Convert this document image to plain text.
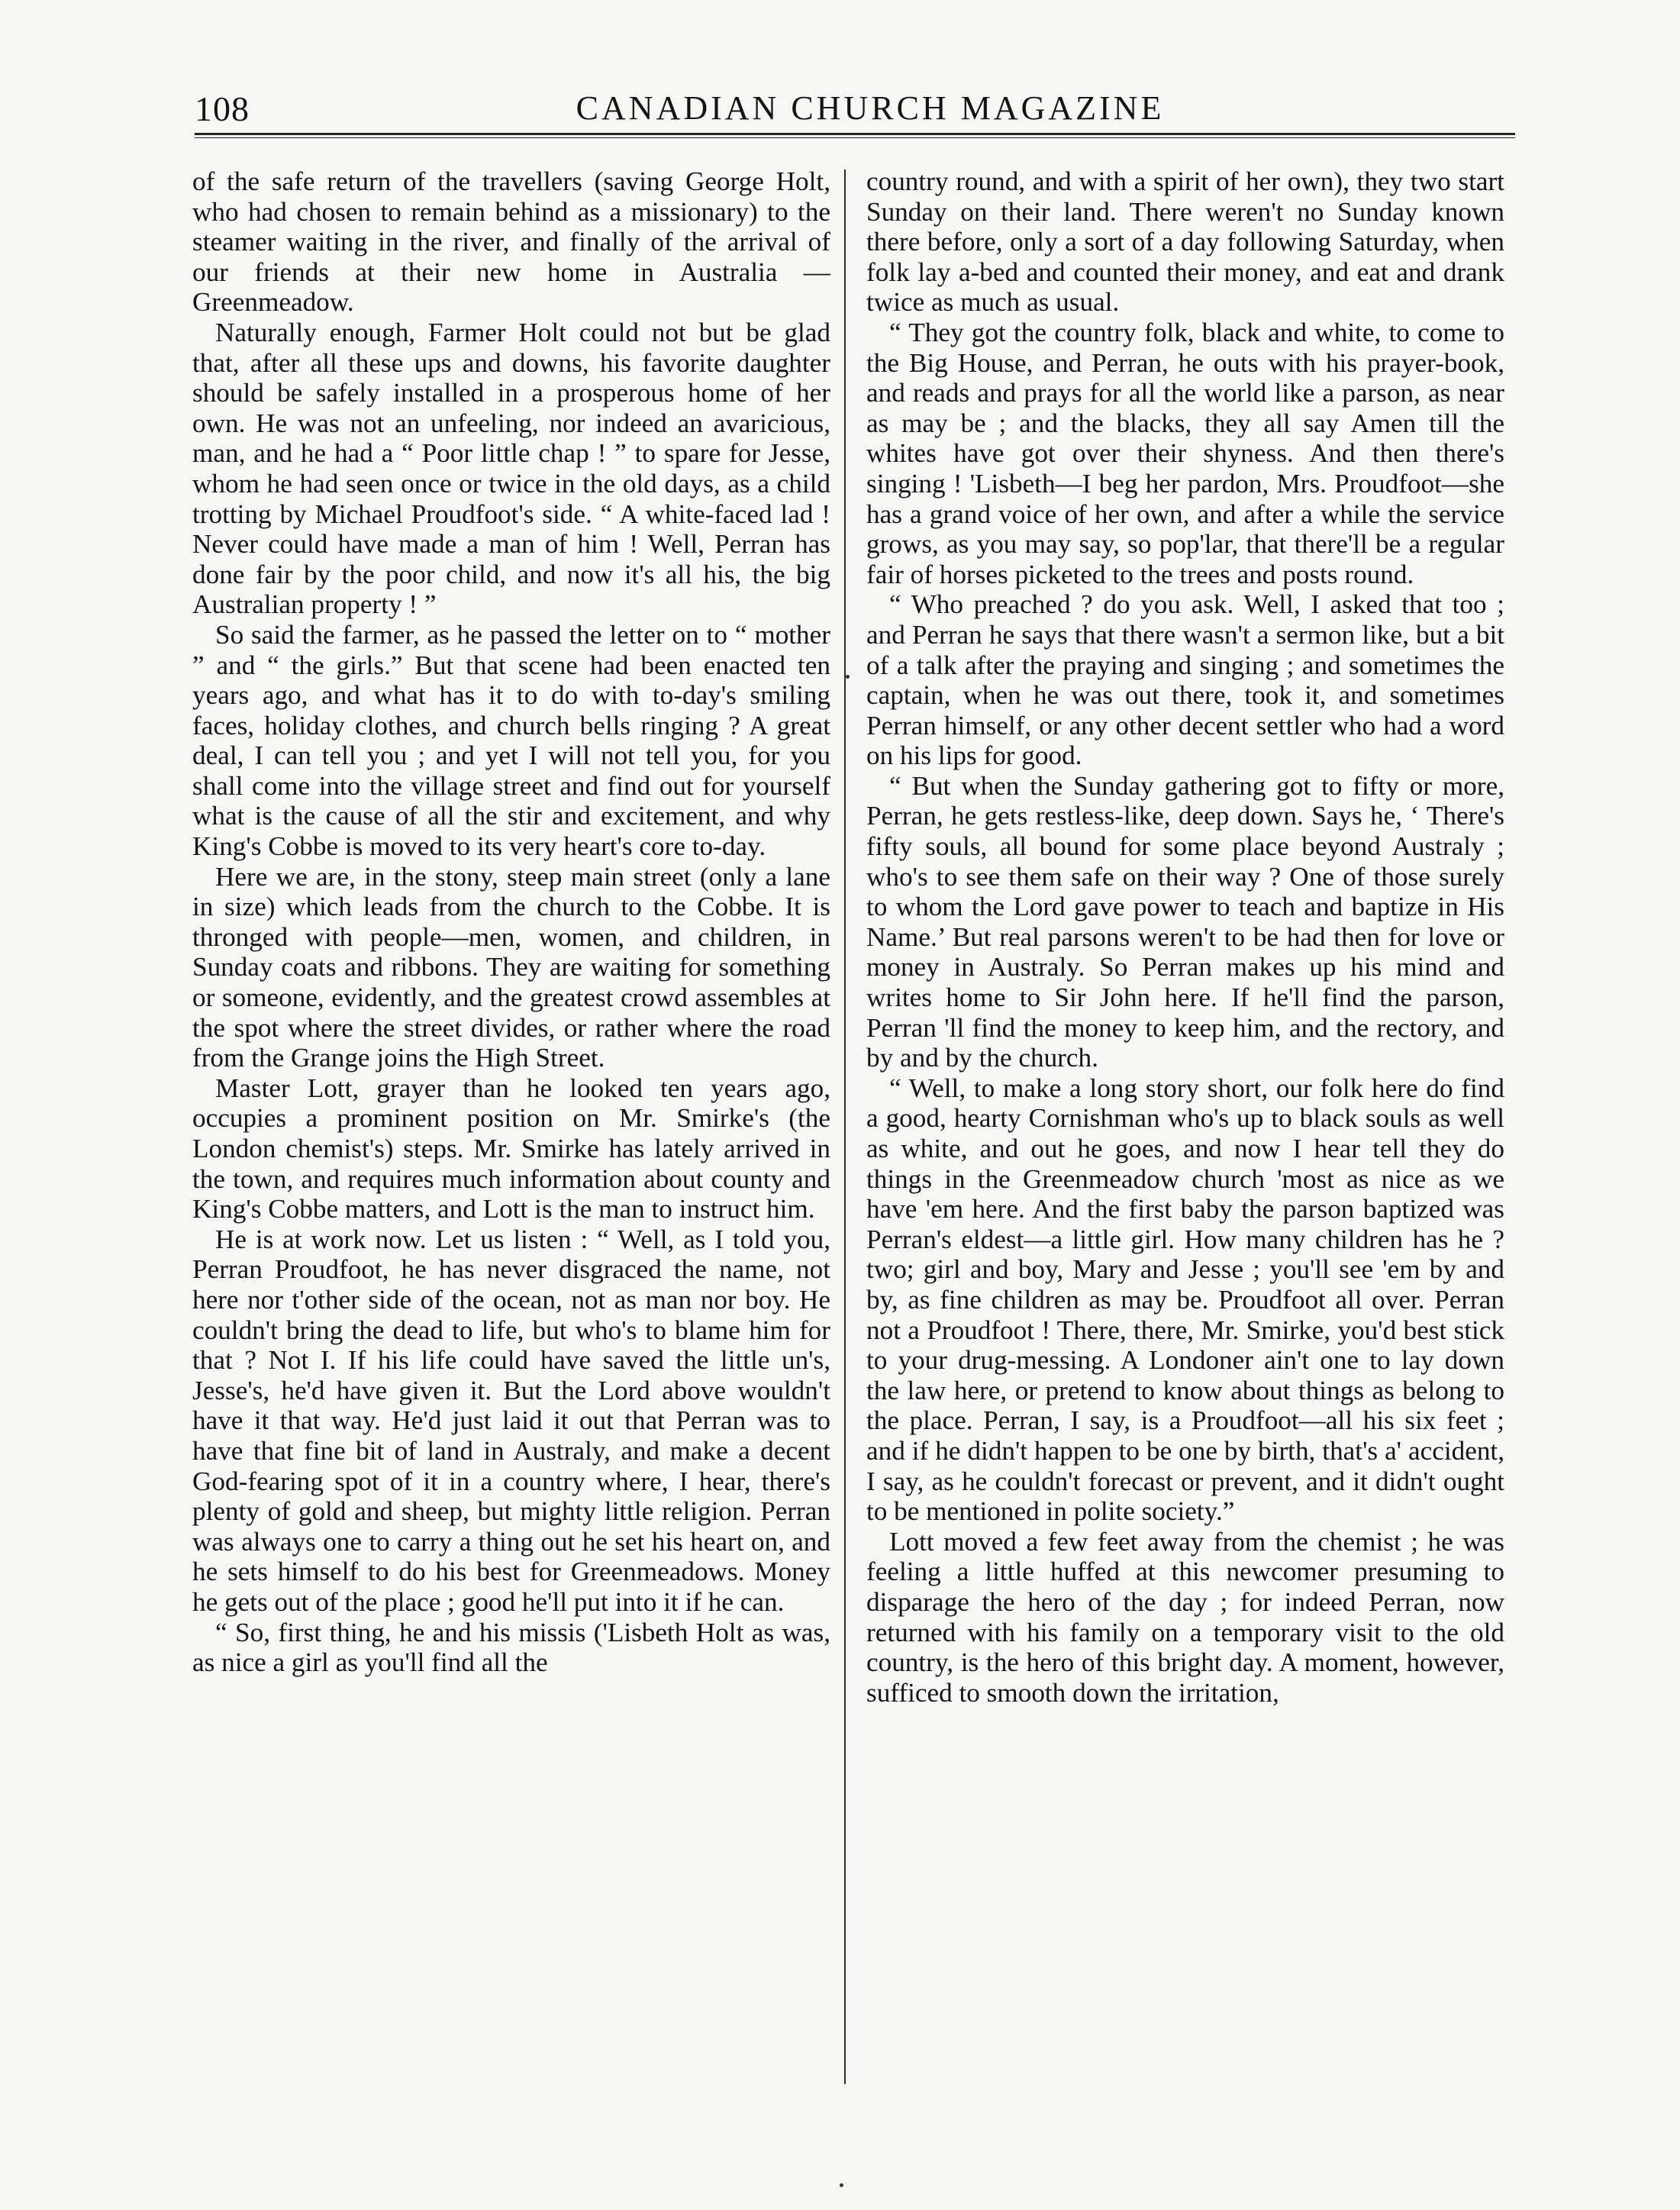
108	CANADIAN CHURCH MAGAZINE

of the safe return of the travellers (saving George Holt, who had chosen to remain behind as a missionary) to the steamer waiting in the river, and finally of the arrival of our friends at their new home in Australia — Greenmeadow.

Naturally enough, Farmer Holt could not but be glad that, after all these ups and downs, his favorite daughter should be safely installed in a prosperous home of her own. He was not an unfeeling, nor indeed an avaricious, man, and he had a “ Poor little chap ! ” to spare for Jesse, whom he had seen once or twice in the old days, as a child trotting by Michael Proudfoot's side. “ A white-faced lad ! Never could have made a man of him ! Well, Perran has done fair by the poor child, and now it's all his, the big Australian property ! ”

So said the farmer, as he passed the letter on to “ mother ” and “ the girls.” But that scene had been enacted ten years ago, and what has it to do with to-day's smiling faces, holiday clothes, and church bells ringing ? A great deal, I can tell you ; and yet I will not tell you, for you shall come into the village street and find out for yourself what is the cause of all the stir and excitement, and why King's Cobbe is moved to its very heart's core to-day.

Here we are, in the stony, steep main street (only a lane in size) which leads from the church to the Cobbe. It is thronged with people—men, women, and children, in Sunday coats and ribbons. They are waiting for something or someone, evidently, and the greatest crowd assembles at the spot where the street divides, or rather where the road from the Grange joins the High Street.

Master Lott, grayer than he looked ten years ago, occupies a prominent position on Mr. Smirke's (the London chemist's) steps. Mr. Smirke has lately arrived in the town, and requires much information about county and King's Cobbe matters, and Lott is the man to instruct him.

He is at work now. Let us listen : “ Well, as I told you, Perran Proudfoot, he has never disgraced the name, not here nor t'other side of the ocean, not as man nor boy. He couldn't bring the dead to life, but who's to blame him for that ? Not I. If his life could have saved the little un's, Jesse's, he'd have given it. But the Lord above wouldn't have it that way. He'd just laid it out that Perran was to have that fine bit of land in Australy, and make a decent God-fearing spot of it in a country where, I hear, there's plenty of gold and sheep, but mighty little religion. Perran was always one to carry a thing out he set his heart on, and he sets himself to do his best for Greenmeadows. Money he gets out of the place ; good he'll put into it if he can.

“ So, first thing, he and his missis ('Lisbeth Holt as was, as nice a girl as you'll find all the

country round, and with a spirit of her own), they two start Sunday on their land. There weren't no Sunday known there before, only a sort of a day following Saturday, when folk lay a-bed and counted their money, and eat and drank twice as much as usual.

“ They got the country folk, black and white, to come to the Big House, and Perran, he outs with his prayer-book, and reads and prays for all the world like a parson, as near as may be ; and the blacks, they all say Amen till the whites have got over their shyness. And then there's singing ! 'Lisbeth—I beg her pardon, Mrs. Proudfoot—she has a grand voice of her own, and after a while the service grows, as you may say, so pop'lar, that there'll be a regular fair of horses picketed to the trees and posts round.

“ Who preached ? do you ask. Well, I asked that too ; and Perran he says that there wasn't a sermon like, but a bit of a talk after the praying and singing ; and sometimes the captain, when he was out there, took it, and sometimes Perran himself, or any other decent settler who had a word on his lips for good.

“ But when the Sunday gathering got to fifty or more, Perran, he gets restless-like, deep down. Says he, ‘ There's fifty souls, all bound for some place beyond Australy ; who's to see them safe on their way ? One of those surely to whom the Lord gave power to teach and baptize in His Name.’ But real parsons weren't to be had then for love or money in Australy. So Perran makes up his mind and writes home to Sir John here. If he'll find the parson, Perran 'll find the money to keep him, and the rectory, and by and by the church.

“ Well, to make a long story short, our folk here do find a good, hearty Cornishman who's up to black souls as well as white, and out he goes, and now I hear tell they do things in the Greenmeadow church 'most as nice as we have 'em here. And the first baby the parson baptized was Perran's eldest—a little girl. How many children has he ? two; girl and boy, Mary and Jesse ; you'll see 'em by and by, as fine children as may be. Proudfoot all over. Perran not a Proudfoot ! There, there, Mr. Smirke, you'd best stick to your drug-messing. A Londoner ain't one to lay down the law here, or pretend to know about things as belong to the place. Perran, I say, is a Proudfoot—all his six feet ; and if he didn't happen to be one by birth, that's a' accident, I say, as he couldn't forecast or prevent, and it didn't ought to be mentioned in polite society.”

Lott moved a few feet away from the chemist ; he was feeling a little huffed at this newcomer presuming to disparage the hero of the day ; for indeed Perran, now returned with his family on a temporary visit to the old country, is the hero of this bright day. A moment, however, sufficed to smooth down the irritation,
